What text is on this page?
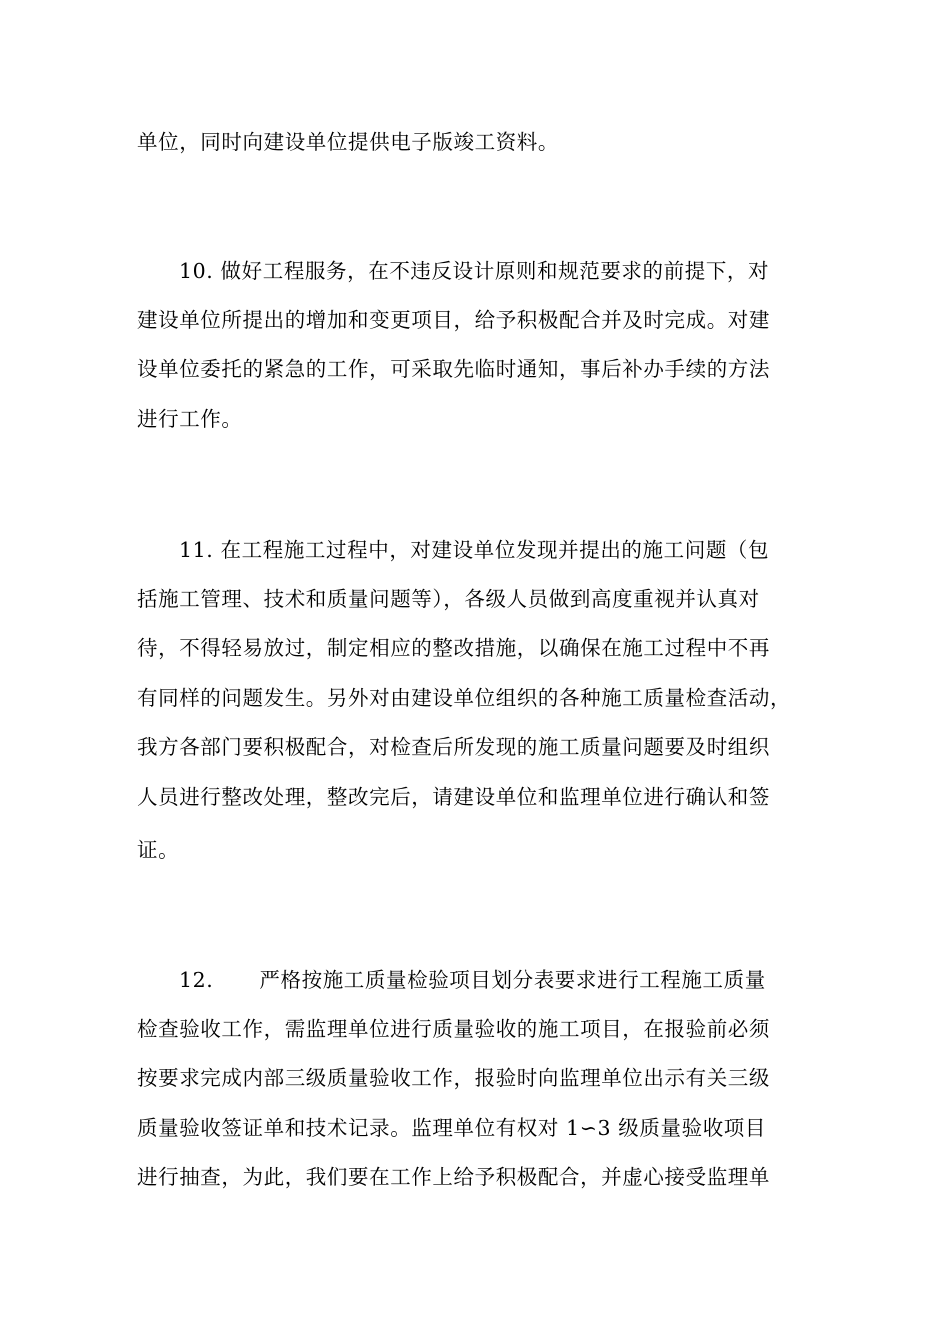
单位，同时向建设单位提供电子版竣工资料。
10. 做好工程服务，在不违反设计原则和规范要求的前提下，对
建设单位所提出的增加和变更项目，给予积极配合并及时完成。对建
设单位委托的紧急的工作，可采取先临时通知，事后补办手续的方法
进行工作。
11. 在工程施工过程中，对建设单位发现并提出的施工问题（包
括施工管理、技术和质量问题等），各级人员做到高度重视并认真对
待，不得轻易放过，制定相应的整改措施，以确保在施工过程中不再
有同样的问题发生。另外对由建设单位组织的各种施工质量检查活动，
我方各部门要积极配合，对检查后所发现的施工质量问题要及时组织
人员进行整改处理，整改完后，请建设单位和监理单位进行确认和签
证。
12. 严格按施工质量检验项目划分表要求进行工程施工质量
检查验收工作，需监理单位进行质量验收的施工项目，在报验前必须
按要求完成内部三级质量验收工作，报验时向监理单位出示有关三级
质量验收签证单和技术记录。监理单位有权对 1∽3 级质量验收项目
进行抽查，为此，我们要在工作上给予积极配合，并虚心接受监理单
